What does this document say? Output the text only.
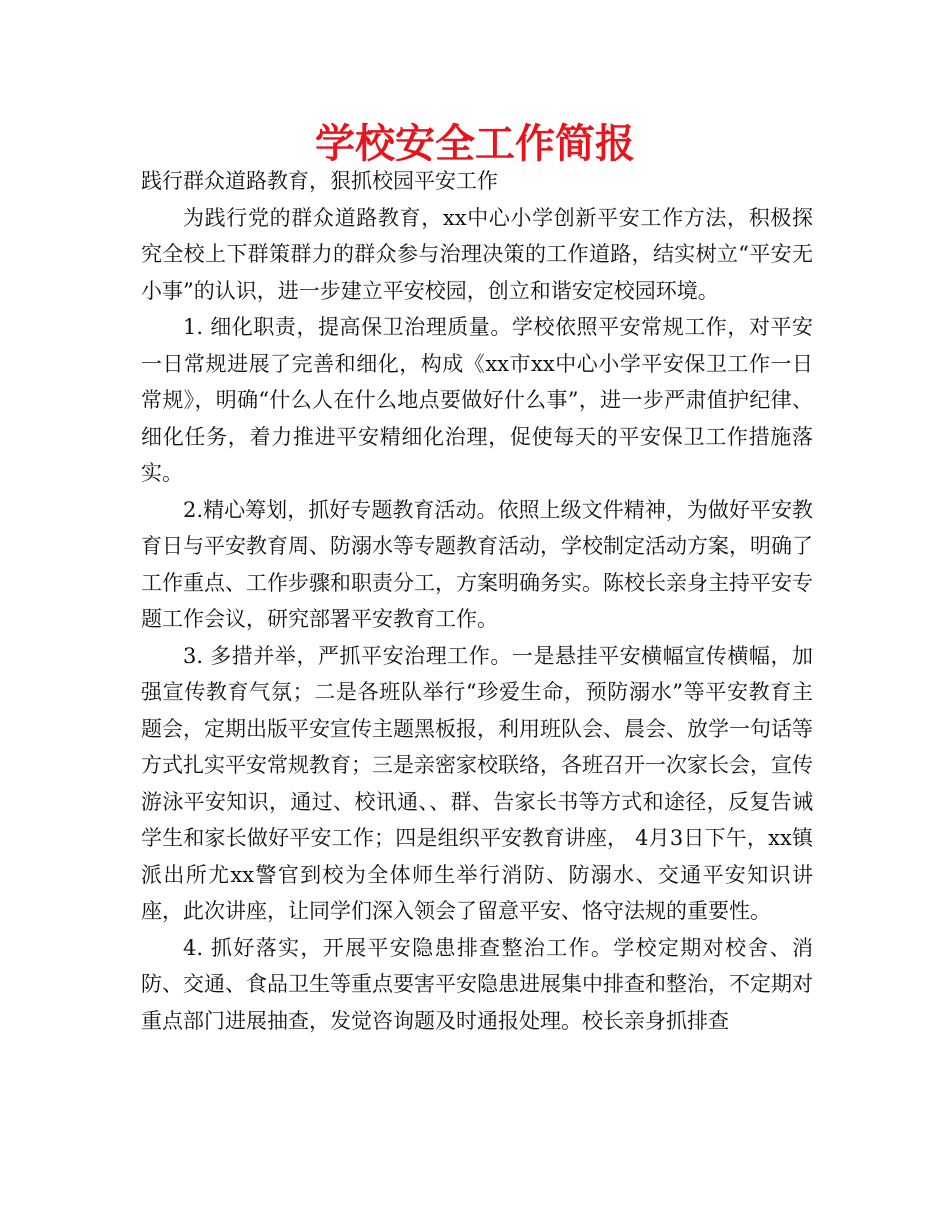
学校安全工作简报

践行群众道路教育，狠抓校园平安工作

为践行党的群众道路教育，xx中心小学创新平安工作方法，积极探究全校上下群策群力的群众参与治理决策的工作道路，结实树立“平安无小事”的认识，进一步建立平安校园，创立和谐安定校园环境。

1. 细化职责，提高保卫治理质量。学校依照平安常规工作，对平安一日常规进展了完善和细化，构成《xx市xx中心小学平安保卫工作一日常规》，明确“什么人在什么地点要做好什么事”，进一步严肃值护纪律、细化任务，着力推进平安精细化治理，促使每天的平安保卫工作措施落实。

2.精心筹划，抓好专题教育活动。依照上级文件精神，为做好平安教育日与平安教育周、防溺水等专题教育活动，学校制定活动方案，明确了工作重点、工作步骤和职责分工，方案明确务实。陈校长亲身主持平安专题工作会议，研究部署平安教育工作。

3. 多措并举，严抓平安治理工作。一是悬挂平安横幅宣传横幅，加强宣传教育气氛；二是各班队举行“珍爱生命，预防溺水”等平安教育主题会，定期出版平安宣传主题黑板报，利用班队会、晨会、放学一句话等方式扎实平安常规教育；三是亲密家校联络，各班召开一次家长会，宣传游泳平安知识，通过、校讯通、、群、告家长书等方式和途径，反复告诫学生和家长做好平安工作；四是组织平安教育讲座， 4月3日下午，xx镇派出所尤xx警官到校为全体师生举行消防、防溺水、交通平安知识讲座，此次讲座，让同学们深入领会了留意平安、恪守法规的重要性。

4. 抓好落实，开展平安隐患排查整治工作。学校定期对校舍、消防、交通、食品卫生等重点要害平安隐患进展集中排查和整治，不定期对重点部门进展抽查，发觉咨询题及时通报处理。校长亲身抓排查
